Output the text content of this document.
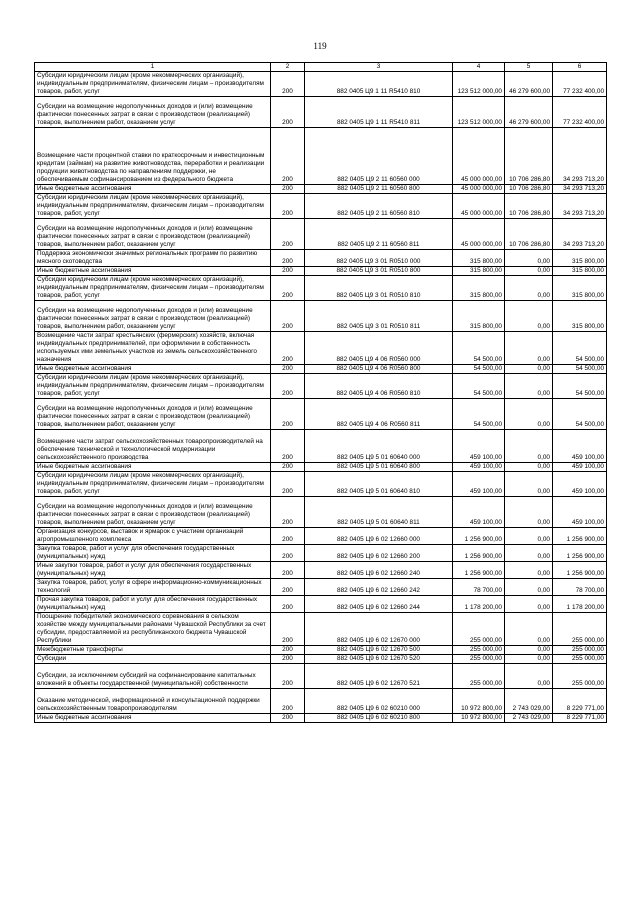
119
1	2	3	4	5	6
Субсидии юридическим лицам (кроме некоммерческих организаций), индивидуальным предпринимателям, физическим лицам – производителям товаров, работ, услуг	200	882 0405 Ц9 1 11 R5410 810	123 512 000,00	46 279 600,00	77 232 400,00
Субсидии на возмещение недополученных доходов и (или) возмещение фактически понесенных затрат в связи с производством (реализацией) товаров, выполнением работ, оказанием услуг	200	882 0405 Ц9 1 11 R5410 811	123 512 000,00	46 279 600,00	77 232 400,00
Возмещение части процентной ставки по краткосрочным и инвестиционным кредитам (займам) на развитие животноводства, переработки и реализации продукции животноводства по направлениям поддержки, не обеспечиваемым софинансированием из федерального бюджета	200	882 0405 Ц9 2 11 60560 000	45 000 000,00	10 706 286,80	34 293 713,20
Иные бюджетные ассигнования	200	882 0405 Ц9 2 11 60560 800	45 000 000,00	10 706 286,80	34 293 713,20
Субсидии юридическим лицам (кроме некоммерческих организаций), индивидуальным предпринимателям, физическим лицам – производителям товаров, работ, услуг	200	882 0405 Ц9 2 11 60560 810	45 000 000,00	10 706 286,80	34 293 713,20
Субсидии на возмещение недополученных доходов и (или) возмещение фактически понесенных затрат в связи с производством (реализацией) товаров, выполнением работ, оказанием услуг	200	882 0405 Ц9 2 11 60560 811	45 000 000,00	10 706 286,80	34 293 713,20
Поддержка экономически значимых региональных программ по развитию мясного скотоводства	200	882 0405 Ц9 3 01 R0510 000	315 800,00	0,00	315 800,00
Иные бюджетные ассигнования	200	882 0405 Ц9 3 01 R0510 800	315 800,00	0,00	315 800,00
Субсидии юридическим лицам (кроме некоммерческих организаций), индивидуальным предпринимателям, физическим лицам – производителям товаров, работ, услуг	200	882 0405 Ц9 3 01 R0510 810	315 800,00	0,00	315 800,00
Субсидии на возмещение недополученных доходов и (или) возмещение фактически понесенных затрат в связи с производством (реализацией) товаров, выполнением работ, оказанием услуг	200	882 0405 Ц9 3 01 R0510 811	315 800,00	0,00	315 800,00
Возмещение части затрат крестьянских (фермерских) хозяйств, включая индивидуальных предпринимателей, при оформлении в собственность используемых ими земельных участков из земель сельскохозяйственного назначения	200	882 0405 Ц9 4 06 R0560 000	54 500,00	0,00	54 500,00
Иные бюджетные ассигнования	200	882 0405 Ц9 4 06 R0560 800	54 500,00	0,00	54 500,00
Субсидии юридическим лицам (кроме некоммерческих организаций), индивидуальным предпринимателям, физическим лицам – производителям товаров, работ, услуг	200	882 0405 Ц9 4 06 R0560 810	54 500,00	0,00	54 500,00
Субсидии на возмещение недополученных доходов и (или) возмещение фактически понесенных затрат в связи с производством (реализацией) товаров, выполнением работ, оказанием услуг	200	882 0405 Ц9 4 06 R0560 811	54 500,00	0,00	54 500,00
Возмещение части затрат сельскохозяйственных товаропроизводителей на обеспечение технической и технологической модернизации сельскохозяйственного производства	200	882 0405 Ц9 5 01 60640 000	459 100,00	0,00	459 100,00
Иные бюджетные ассигнования	200	882 0405 Ц9 5 01 60640 800	459 100,00	0,00	459 100,00
Субсидии юридическим лицам (кроме некоммерческих организаций), индивидуальным предпринимателям, физическим лицам – производителям товаров, работ, услуг	200	882 0405 Ц9 5 01 60640 810	459 100,00	0,00	459 100,00
Субсидии на возмещение недополученных доходов и (или) возмещение фактически понесенных затрат в связи с производством (реализацией) товаров, выполнением работ, оказанием услуг	200	882 0405 Ц9 5 01 60640 811	459 100,00	0,00	459 100,00
Организация конкурсов, выставок и ярмарок с участием организаций агропромышленного комплекса	200	882 0405 Ц9 6 02 12660 000	1 256 900,00	0,00	1 256 900,00
Закупка товаров, работ и услуг для обеспечения государственных (муниципальных) нужд	200	882 0405 Ц9 6 02 12660 200	1 256 900,00	0,00	1 256 900,00
Иные закупки товаров, работ и услуг для обеспечения государственных (муниципальных) нужд	200	882 0405 Ц9 6 02 12660 240	1 256 900,00	0,00	1 256 900,00
Закупка товаров, работ, услуг в сфере информационно-коммуникационных технологий	200	882 0405 Ц9 6 02 12660 242	78 700,00	0,00	78 700,00
Прочая закупка товаров, работ и услуг для обеспечения государственных (муниципальных) нужд	200	882 0405 Ц9 6 02 12660 244	1 178 200,00	0,00	1 178 200,00
Поощрение победителей экономического соревнования в сельском хозяйстве между муниципальными районами Чувашской Республики за счет субсидии, предоставляемой из республиканского бюджета Чувашской Республики	200	882 0405 Ц9 6 02 12670 000	255 000,00	0,00	255 000,00
Межбюджетные трансферты	200	882 0405 Ц9 6 02 12670 500	255 000,00	0,00	255 000,00
Субсидии	200	882 0405 Ц9 6 02 12670 520	255 000,00	0,00	255 000,00
Субсидии, за исключением субсидий на софинансирование капитальных вложений в объекты государственной (муниципальной) собственности	200	882 0405 Ц9 6 02 12670 521	255 000,00	0,00	255 000,00
Оказание методической, информационной и консультационной поддержки сельскохозяйственным товаропроизводителям	200	882 0405 Ц9 6 02 60210 000	10 972 800,00	2 743 029,00	8 229 771,00
Иные бюджетные ассигнования	200	882 0405 Ц9 6 02 60210 800	10 972 800,00	2 743 029,00	8 229 771,00
